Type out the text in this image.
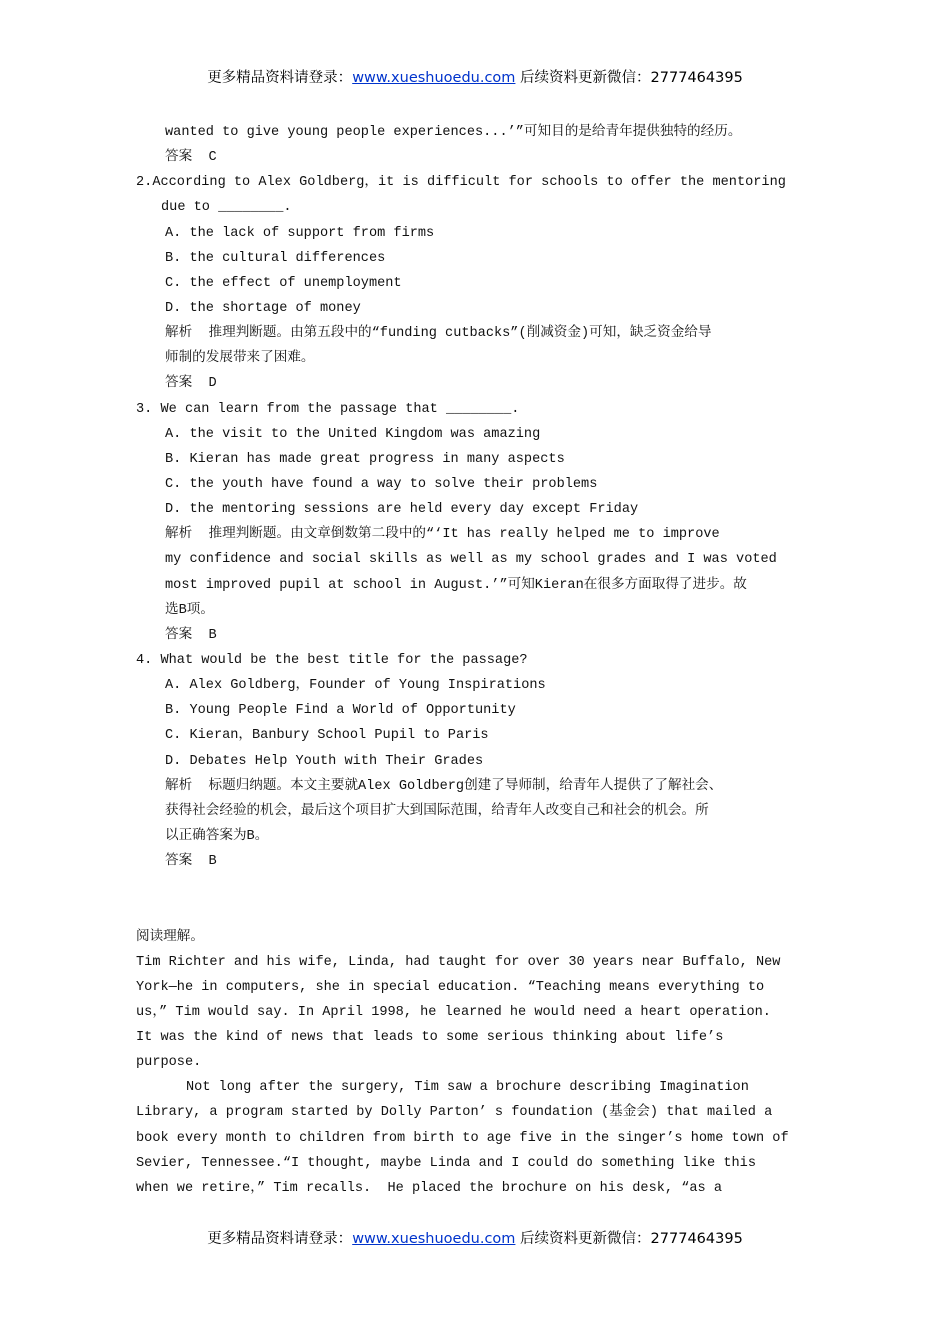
更多精品资料请登录：www.xueshuoedu.com 后续资料更新微信：2777464395
wanted to give young people experiences...’”可知目的是给青年提供独特的经历。
答案  C
2.According to Alex Goldberg，it is difficult for schools to offer the mentoring
due to ________.
A. the lack of support from firms
B. the cultural differences
C. the effect of unemployment
D. the shortage of money
解析  推理判断题。由第五段中的“funding cutbacks”(削减资金)可知，缺乏资金给导
师制的发展带来了困难。
答案  D
3. We can learn from the passage that ________.
A. the visit to the United Kingdom was amazing
B. Kieran has made great progress in many aspects
C. the youth have found a way to solve their problems
D. the mentoring sessions are held every day except Friday
解析  推理判断题。由文章倒数第二段中的“‘It has really helped me to improve
my confidence and social skills as well as my school grades and I was voted
most improved pupil at school in August.’”可知Kieran在很多方面取得了进步。故
选B项。
答案  B
4. What would be the best title for the passage?
A. Alex Goldberg，Founder of Young Inspirations
B. Young People Find a World of Opportunity
C. Kieran，Banbury School Pupil to Paris
D. Debates Help Youth with Their Grades
解析  标题归纳题。本文主要就Alex Goldberg创建了导师制，给青年人提供了了解社会、
获得社会经验的机会，最后这个项目扩大到国际范围，给青年人改变自己和社会的机会。所
以正确答案为B。
答案  B
阅读理解。
Tim Richter and his wife, Linda, had taught for over 30 years near Buffalo, New
York—he in computers, she in special education. “Teaching means everything to
us，” Tim would say. In April 1998, he learned he would need a heart operation.
It was the kind of news that leads to some serious thinking about life’s
purpose.
Not long after the surgery, Tim saw a brochure describing Imagination
Library, a program started by Dolly Parton’ s foundation (基金会) that mailed a
book every month to children from birth to age five in the singer’s home town of
Sevier, Tennessee.“I thought, maybe Linda and I could do something like this
when we retire，” Tim recalls.  He placed the brochure on his desk, “as a
更多精品资料请登录：www.xueshuoedu.com 后续资料更新微信：2777464395
